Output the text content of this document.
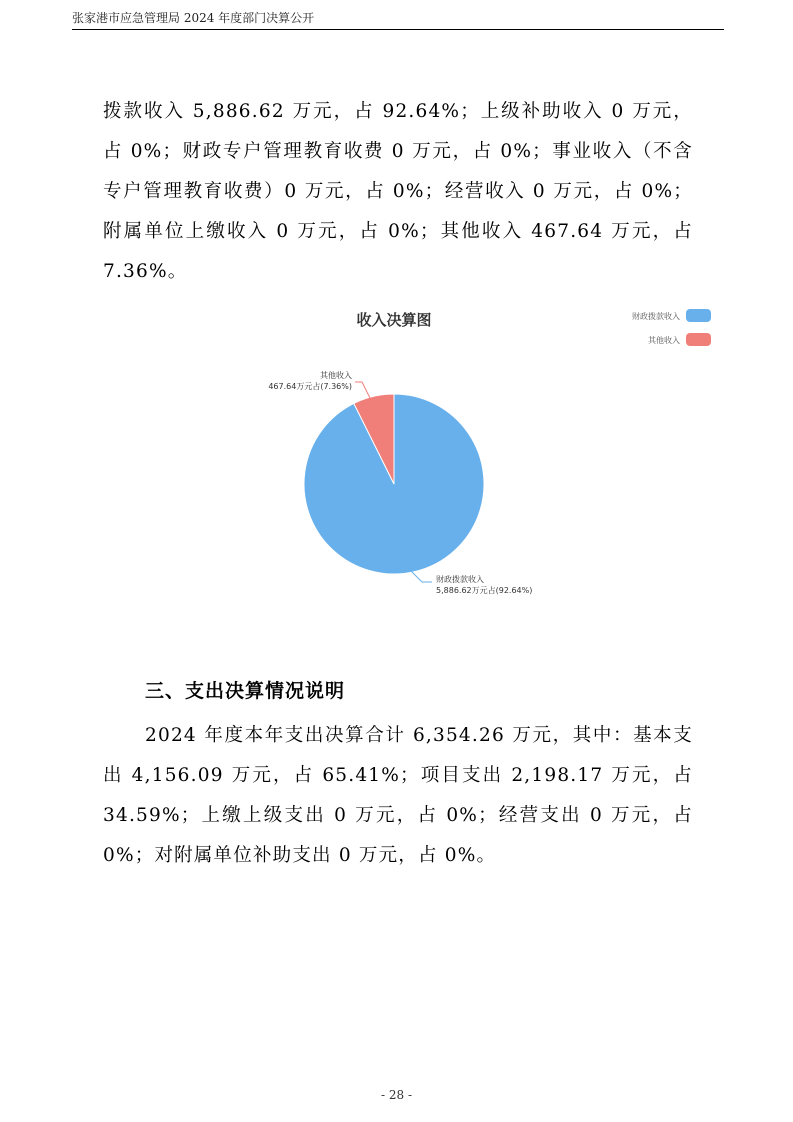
张家港市应急管理局 2024 年度部门决算公开

拨款收入 5,886.62 万元，占 92.64%；上级补助收入 0 万元，占 0%；财政专户管理教育收费 0 万元，占 0%；事业收入（不含专户管理教育收费）0 万元，占 0%；经营收入 0 万元，占 0%；附属单位上缴收入 0 万元，占 0%；其他收入 467.64 万元，占 7.36%。

收入决算图	财政拨款收入
其他收入
其他收入
467.64万元占(7.36%)
财政拨款收入
5,886.62万元占(92.64%)
三、支出决算情况说明

2024 年度本年支出决算合计 6,354.26 万元，其中：基本支出 4,156.09 万元，占 65.41%；项目支出 2,198.17 万元，占 34.59%；上缴上级支出 0 万元，占 0%；经营支出 0 万元，占 0%；对附属单位补助支出 0 万元，占 0%。

- 28 -
